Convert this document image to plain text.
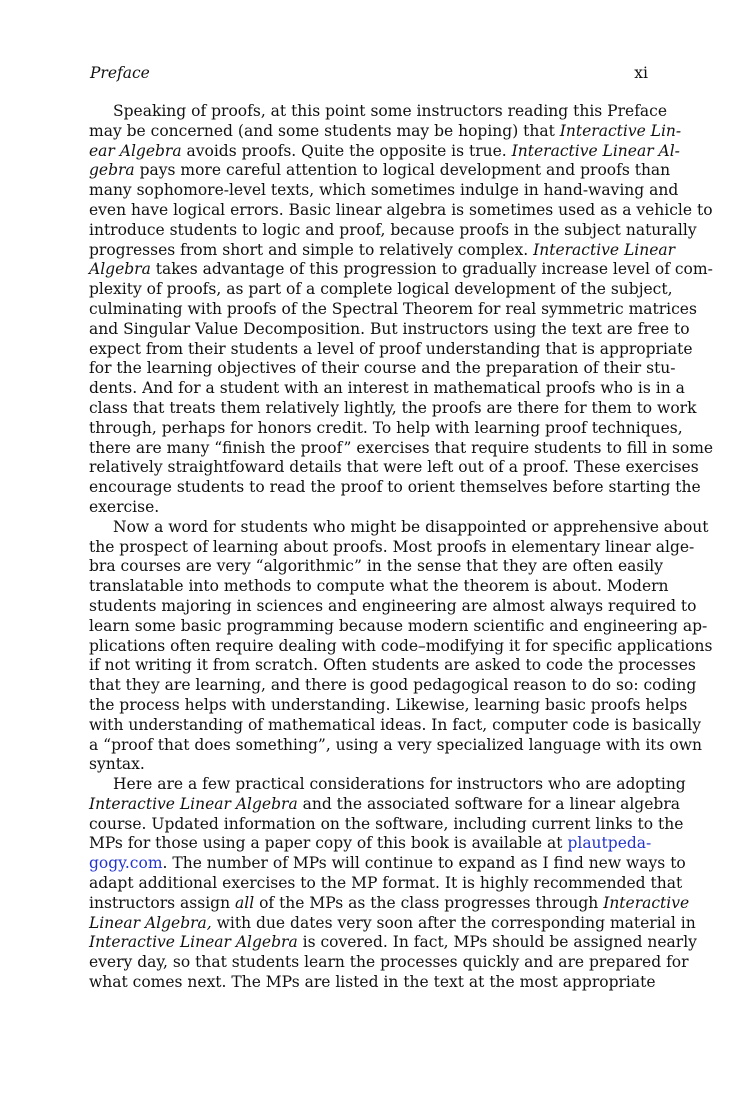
Preface	xi
Speaking of proofs, at this point some instructors reading this Preface
may be concerned (and some students may be hoping) that Interactive Lin-
ear Algebra avoids proofs. Quite the opposite is true. Interactive Linear Al-
gebra pays more careful attention to logical development and proofs than
many sophomore-level texts, which sometimes indulge in hand-waving and
even have logical errors. Basic linear algebra is sometimes used as a vehicle to
introduce students to logic and proof, because proofs in the subject naturally
progresses from short and simple to relatively complex. Interactive Linear
Algebra takes advantage of this progression to gradually increase level of com-
plexity of proofs, as part of a complete logical development of the subject,
culminating with proofs of the Spectral Theorem for real symmetric matrices
and Singular Value Decomposition. But instructors using the text are free to
expect from their students a level of proof understanding that is appropriate
for the learning objectives of their course and the preparation of their stu-
dents. And for a student with an interest in mathematical proofs who is in a
class that treats them relatively lightly, the proofs are there for them to work
through, perhaps for honors credit. To help with learning proof techniques,
there are many “finish the proof” exercises that require students to fill in some
relatively straightfoward details that were left out of a proof. These exercises
encourage students to read the proof to orient themselves before starting the
exercise.
Now a word for students who might be disappointed or apprehensive about
the prospect of learning about proofs. Most proofs in elementary linear alge-
bra courses are very “algorithmic” in the sense that they are often easily
translatable into methods to compute what the theorem is about. Modern
students majoring in sciences and engineering are almost always required to
learn some basic programming because modern scientific and engineering ap-
plications often require dealing with code–modifying it for specific applications
if not writing it from scratch. Often students are asked to code the processes
that they are learning, and there is good pedagogical reason to do so: coding
the process helps with understanding. Likewise, learning basic proofs helps
with understanding of mathematical ideas. In fact, computer code is basically
a “proof that does something”, using a very specialized language with its own
syntax.
Here are a few practical considerations for instructors who are adopting
Interactive Linear Algebra and the associated software for a linear algebra
course. Updated information on the software, including current links to the
MPs for those using a paper copy of this book is available at plautpeda-
gogy.com. The number of MPs will continue to expand as I find new ways to
adapt additional exercises to the MP format. It is highly recommended that
instructors assign all of the MPs as the class progresses through Interactive
Linear Algebra, with due dates very soon after the corresponding material in
Interactive Linear Algebra is covered. In fact, MPs should be assigned nearly
every day, so that students learn the processes quickly and are prepared for
what comes next. The MPs are listed in the text at the most appropriate
